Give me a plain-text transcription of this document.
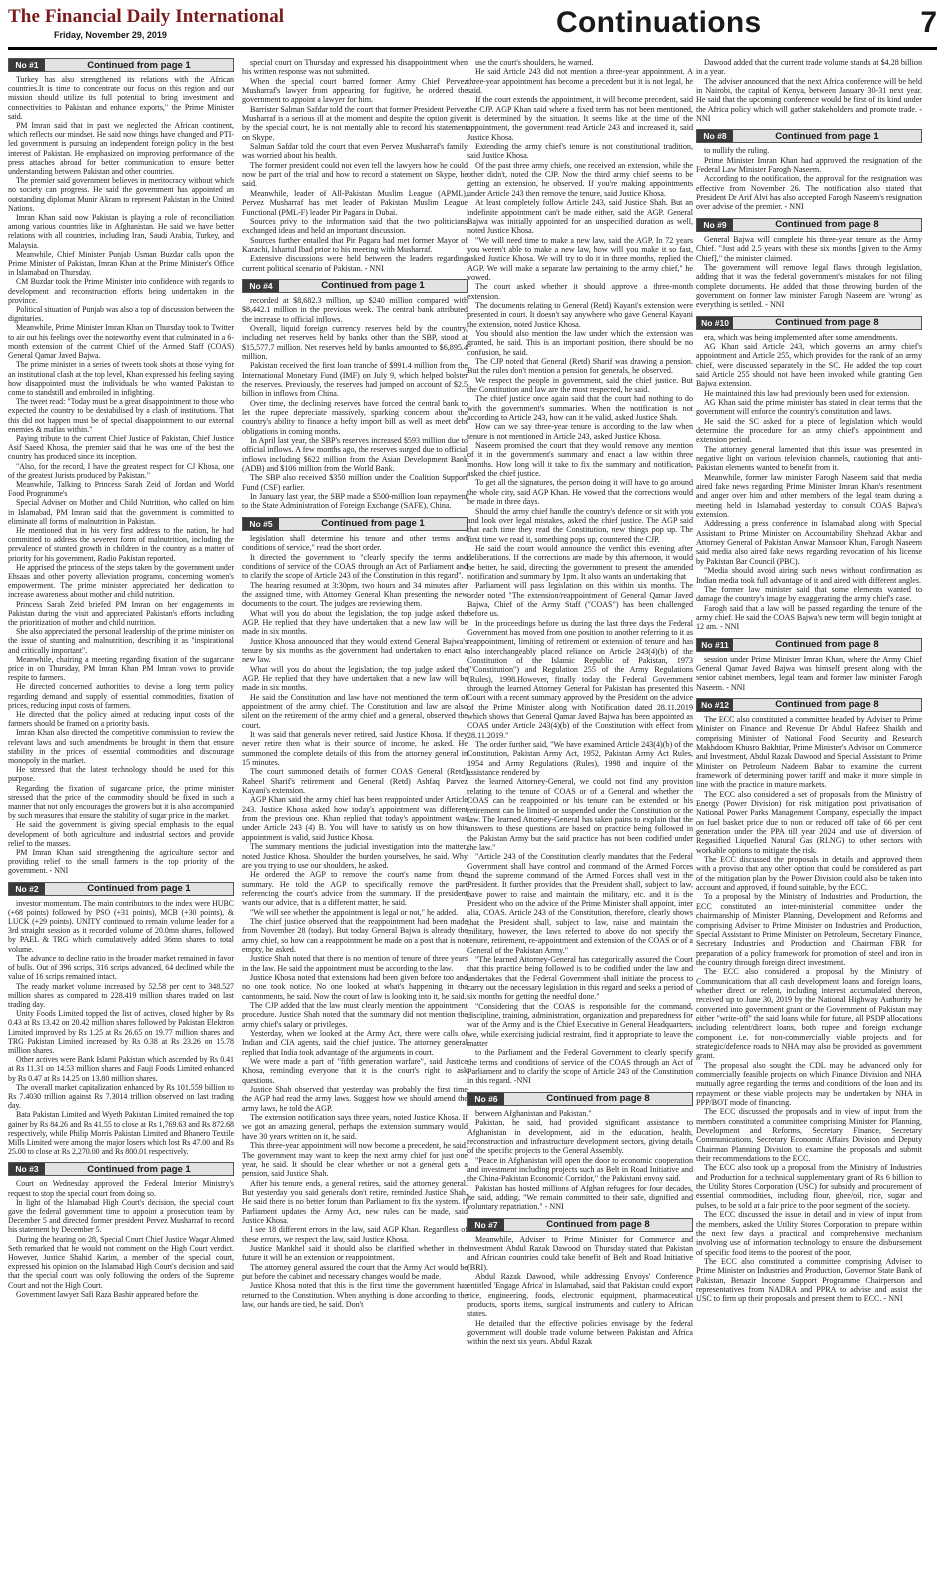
The Financial Daily International
Friday, November 29, 2019	Continuations	7
No #1	Continued from page 1

Turkey has also strengthened its relations with the African countries.It is time to concentrate our focus on this region and our mission should utilize its full potential to bring investment and connectivities to Pakistan and enhance exports," the Prime Minister said.

PM Imran said that in past we neglected the African continent, which reflects our mindset. He said now things have changed and PTI-led government is pursuing an independent foreign policy in the best interest of Pakistan. He emphasized on improving performance of the press attaches abroad for better communication to ensure better understanding between Pakistan and other countries.

The premier said government believes in meritocracy without which no society can progress. He said the government has appointed an outstanding diplomat Munir Akram to represent Pakistan in the United Nations.

Imran Khan said now Pakistan is playing a role of reconciliation among various countries like in Afghanistan. He said we have better relations with all countries, including Iran, Saudi Arabia, Turkey, and Malaysia.

Meanwhile, Chief Minister Punjab Usman Buzdar calls upon the Prime Minister of Pakistan, Imran Khan at the Prime Minister's Office in Islamabad on Thursday.

CM Buzdar took the Prime Minister into confidence with regards to development and reconstruction efforts being undertaken in the province.

Political situation of Punjab was also a top of discussion between the dignitaries.

Meanwhile, Prime Minister Imran Khan on Thursday took to Twitter to air out his feelings over the noteworthy event that culminated in a 6-month extension of the current Chief of the Armed Staff (COAS) General Qamar Javed Bajwa.

The prime minister in a series of tweets took shots at those vying for an institutional clash at the top level, Khan expressed his feeling saying how disappointed must the individuals be who wanted Pakistan to come to standstill and embroiled in infighting.

The tweet read: "Today must be a great disappointment to those who expected the country to be destabilised by a clash of institutions. That this did not happen must be of special disappointment to our external enemies & mafias within."

Paying tribute to the current Chief Justice of Pakistan, Chief Justice Asif Saeed Khosa, the premier said that he was one of the best the country has produced since its inception.

"Also, for the record, I have the greatest respect for CJ Khosa, one of the greatest Jurists produced by Pakistan."

Meanwhile, Talking to Princess Sarah Zeid of Jordan and World Food Programme's

Special Adviser on Mother and Child Nutrition, who called on him in Islamabad, PM Imran said that the government is committed to eliminate all forms of malnutrition in Pakistan.

He mentioned that in his very first address to the nation, he had committed to address the severest form of malnutrition, including the prevalence of stunted growth in children in the country as a matter of priority for his government, Radio Pakistan reported.

He apprised the princess of the steps taken by the government under Ehsaas and other poverty alleviation programs, concerning women's empowerment. The prime minister appreciated her dedication to increase awareness about mother and child nutrition.

Princess Sarah Zeid briefed PM Imran on her engagements in Pakistan during the visit and appreciated Pakistan's efforts including the prioritization of mother and child nutrition.

She also appreciated the personal leadership of the prime minister on the issue of stunting and malnutrition, describing it as "inspirational and critically important".

Meanwhile, chairing a meeting regarding fixation of the sugarcane price in on Thursday, PM Imran Khan PM Imran vows to provide respite to farmers.

He directed concerned authorities to devise a long term policy regarding demand and supply of essential commodities, fixation of prices, reducing input costs of farmers.

He directed that the policy aimed at reducing input costs of the farmers should be framed on a priority basis.

Imran Khan also directed the competitive commission to review the relevant laws and such amendments be brought in them that ensure stability in the prices of essential commodities and discourage monopoly in the market.

He stressed that the latest technology should be used for this purpose.

Regarding the fixation of sugarcane price, the prime minister stressed that the price of the commodity should be fixed in such a manner that not only encourages the growers but it is also accompanied by such measures that ensure the stability of sugar price in the market.

He said the government is giving special emphasis to the equal development of both agriculture and industrial sectors and provide relief to the masses.

PM Imran Khan said strengthening the agriculture sector and providing relief to the small farmers is the top priority of the government. - NNI

No #2	Continued from page 1

investor momentum. The main contributors to the index were HUBC (+68 points) followed by PSO (+31 points), MCB (+30 points), & LUCK (+29 points). UNITY continued to remain volume leader for a 3rd straight session as it recorded volume of 20.0mn shares, followed by PAEL & TRG which cumulatively added 36mn shares to total volume.

The advance to decline ratio in the broader market remained in favor of bulls. Out of 396 scrips, 316 scrips advanced, 64 declined while the value of 16 scrips remained intact.

The ready market volume increased by 52.58 per cent to 348.527 million shares as compared to 228.419 million shares traded on last trading day.

Unity Foods Limited topped the list of actives, closed higher by Rs 0.43 at Rs 13.42 on 20.42 million shares followed by Pakistan Elektron Limited improved by Rs 1.25 at Rs 26.65 on 19.77 million shares and TRG Pakistan Limited increased by Rs 0.38 at Rs 23.26 on 15.78 million shares.

Other actives were Bank Islami Pakistan which ascended by Rs 0.41 at Rs 11.31 on 14.53 million shares and Fauji Foods Limited enhanced by Rs 0.47 at Rs 14.25 on 13.80 million shares.

The overall market capitalization enhanced by Rs 101.559 billion to Rs 7.4030 trillion against Rs 7.3014 trillion observed on last trading day.

Bata Pakistan Limited and Wyeth Pakistan Limited remained the top gainer by Rs 84.26 and Rs 41.55 to close at Rs 1,769.63 and Rs 872.68 respectively, while Philip Morris Pakistan Limited and Bhanero Textile Mills Limited were among the major losers which lost Rs 47.00 and Rs 25.00 to close at Rs 2,270.00 and Rs 800.01 respectively.

No #3	Continued from page 1

Court on Wednesday approved the Federal Interior Ministry's request to stop the special court from doing so.

In light of the Islamabad High Court's decision, the special court gave the federal government time to appoint a prosecution team by December 5 and directed former president Pervez Musharraf to record his statement by December 5.

During the hearing on 28, Special Court Chief Justice Waqar Ahmed Seth remarked that he would not comment on the High Court verdict. However, Justice Shahid Karim, a member of the special court, expressed his opinion on the Islamabad High Court's decision and said that the special court was only following the orders of the Supreme Court and not the High Court.

Government lawyer Safi Raza Bashir appeared before the

special court on Thursday and expressed his disappointment when his written response was not submitted.

When the special court barred former Army Chief Pervez Musharraf's lawyer from appearing for fugitive, he ordered the government to appoint a lawyer for him.

Barrister Salman Safdar told the court that former President Pervez Musharraf is a serious ill at the moment and despite the option given by the special court, he is not mentally able to record his statement on Skype.

Salman Safdar told the court that even Pervez Musharraf's family was worried about his health.

The former president could not even tell the lawyers how he could now be part of the trial and how to record a statement on Skype, he said.

Meanwhile, leader of All-Pakistan Muslim League (APML), Pervez Musharraf has met leader of Pakistan Muslim League Functional (PML-F) leader Pir Pagara in Dubai.

Sources privy to the information said that the two politicians exchanged ideas and held an important discussion.

Sources further entailed that Pir Pagara had met former Mayor of Karachi, Ishartul Ibad prior to his meeting with Musharraf.

Extensive discussions were held between the leaders regarding current political scenario of Pakistan. - NNI

No #4	Continued from page 1

recorded at $8,682.3 million, up $240 million compared with $8,442.1 million in the previous week. The central bank attributed the increase to official inflows.

Overall, liquid foreign currency reserves held by the country, including net reserves held by banks other than the SBP, stood at $15,577.7 million. Net reserves held by banks amounted to $6,895.4 million.

Pakistan received the first loan tranche of $991.4 million from the International Monetary Fund (IMF) on July 9, which helped bolster the reserves. Previously, the reserves had jumped on account of $2.5 billion in inflows from China.

Over time, the declining reserves have forced the central bank to let the rupee depreciate massively, sparking concern about the country's ability to finance a hefty import bill as well as meet debt obligations in coming months.

In April last year, the SBP's reserves increased $593 million due to official inflows. A few months ago, the reserves surged due to official inflows including $622 million from the Asian Development Bank (ADB) and $106 million from the World Bank.

The SBP also received $350 million under the Coalition Support Fund (CSF) earlier.

In January last year, the SBP made a $500-million loan repayment to the State Administration of Foreign Exchange (SAFE), China.

No #5	Continued from page 1

legislation shall determine his tenure and other terms and conditions of service," read the short order.

It directed the government to "clearly specify the terms and conditions of service of the COAS through an Act of Parliament and to clarify the scope of Article 243 of the Constitution in this regard".

The hearing resumed at 3:30pm, two hours and 34 minutes after the assigned time, with Attorney General Khan presenting the new documents to the court. The judges are reviewing them.

What will you do about the legislation, the top judge asked the AGP. He replied that they have undertaken that a new law will be made in six months.

Justice Khosa announced that they would extend General Bajwa's tenure by six months as the government had undertaken to enact a new law.

What will you do about the legislation, the top judge asked the AGP. He replied that they have undertaken that a new law will be made in six months.

He said the Constitution and law have not mentioned the term of appointment of the army chief. The Constitution and law are also silent on the retirement of the army chief and a general, observed the court.

It was said that generals never retired, said Justice Khosa. If they never retire then what is their source of income, he asked. He summoned the complete details of this from the attorney general in 15 minutes.

The court summoned details of former COAS General (Retd) Raheel Sharif's retirement and General (Retd) Ashfaq Parvez Kayani's extension.

AGP Khan said the army chief has been reappointed under Article 243. Justice Khosa asked how today's appointment was different from the previous one. Khan replied that today's appointment was under Article 243 (4) B. You will have to satisfy us on how this appointment is valid, said Justice Khosa.

The summary mentions the judicial investigation into the matter, noted Justice Khosa. Shoulder the burden yourselves, he said. Why are you trying to use our shoulders, he asked.

He ordered the AGP to remove the court's name from the summary. He told the AGP to specifically remove the part referencing the court's advice from the summary. If the president wants our advice, that is a different matter, he said.

"We will see whether the appointment is legal or not," he added.

The chief justice observed that the reappointment had been made from November 28 (today). But today General Bajwa is already the army chief, so how can a reappointment be made on a post that is not empty, he asked.

Justice Shah noted that there is no mention of tenure of three years in the law. He said the appointment must be according to the law.

Justice Khosa noted that extensions had been given before too and no one took notice. No one looked at what's happening in the cantonments, he said. Now the court of law is looking into it, he said.

The CJP added that the law must clearly mention the appointment procedure. Justice Shah noted that the summary did not mention the army chief's salary or privileges.

Yesterday, when we looked at the Army Act, there were calls of Indian and CIA agents, said the chief justice. The attorney general replied that India took advantage of the arguments in court.

We were made a part of "fifth generation warfare", said Justice Khosa, reminding everyone that it is the court's right to ask questions.

Justice Shah observed that yesterday was probably the first time the AGP had read the army laws. Suggest how we should amend the army laws, he told the AGP.

The extension notification says three years, noted Justice Khosa. If we got an amazing general, perhaps the extension summary would have 30 years written on it, he said.

This three-year appointment will now become a precedent, he said. The government may want to keep the next army chief for just one year, he said. It should be clear whether or not a general gets a pension, said Justice Shah.

After his tenure ends, a general retires, said the attorney general. But yesterday you said generals don't retire, reminded Justice Shah. He said there is no better forum than Parliament to fix the system. If Parliament updates the Army Act, new rules can be made, said Justice Khosa.

I see 18 different errors in the law, said AGP Khan. Regardless of these errors, we respect the law, said Justice Khosa.

Justice Mankhel said it should also be clarified whether in the future it will be an extension or reappointment.

The attorney general assured the court that the Army Act would be put before the cabinet and necessary changes would be made.

Justice Khosa noted that this is the first time the government has returned to the Constitution. When anything is done according to the law, our hands are tied, he said. Don't

use the court's shoulders, he warned.

He said Article 243 did not mention a three-year appointment. A three-year appointment has become a precedent but it is not legal, he said.

If the court extends the appointment, it will become precedent, said the CJP. AGP Khan said where a fixed term has not been mentioned, it is determined by the situation. It seems like at the time of the appointment, the government read Article 243 and increased it, said Justice Khosa.

Extending the army chief's tenure is not constitutional tradition, said Justice Khosa.

Of the past three army chiefs, one received an extension, while the other didn't, noted the CJP. Now the third army chief seems to be getting an extension, he observed. If you're making appointments under Article 243 then remove the tenure, said Justice Khosa.

At least completely follow Article 243, said Justice Shah. But an indefinite appointment can't be made either, said the AGP. General Bajwa was initially appointed for an unspecified duration as well, noted Justice Khosa.

"We will need time to make a new law, said the AGP. In 72 years you weren't able to make a new law, how will you make it so fast, asked Justice Khosa. We will try to do it in three months, replied the AGP. We will make a separate law pertaining to the army chief," he vowed.

The court asked whether it should approve a three-month extension.

The documents relating to General (Retd) Kayani's extension were presented in court. It doesn't say anywhere who gave General Kayani the extension, noted Justice Khosa.

You should also mention the law under which the extension was granted, he said. This is an important position, there should be no confusion, he said.

The CJP noted that General (Retd) Sharif was drawing a pension. But the rules don't mention a pension for generals, he observed.

We respect the people in government, said the chief justice. But the Constitution and law are the most respected, he said.

The chief justice once again said that the court had nothing to do with the government's summaries. When the notification is not according to Article 243, how can it be valid, asked Justice Shah.

How can we say three-year tenure is according to the law when tenure is not mentioned in Article 243, asked Justice Khosa.

Naseem promised the court that they would remove any mention of it in the government's summary and enact a law within three months. How long will it take to fix the summary and notification, asked the chief justice.

To get all the signatures, the person doing it will have to go around the whole city, said AGP Khan. He vowed that the corrections would be made in three days.

Should the army chief handle the country's defence or sit with you and look over legal mistakes, asked the chief justice. The AGP said that each time they read the Constitution, new things pop up. The first time we read it, something pops up, countered the CJP.

He said the court would announce the verdict this evening after deliberations. If the corrections are made by this afternoon, it would be better, he said, directing the government to present the amended notification and summary by 1pm. It also wants an undertaking that

Parliament will pass legislation on this within six months. The order noted "The extension/reappointment of General Qamar Javed Bajwa, Chief of the Army Staff ("COAS") has been challenged before us.

In the proceedings before us during the last three days the Federal Government has moved from one position to another referring to it as reappointment, limiting of retirement or extension of tenure and has also interchangeably placed reliance on Article 243(4)(b) of the Constitution of the Islamic Republic of Pakistan, 1973 ("Constitution") and Regulation 255 of the Army Regulations (Rules), 1998.However, finally today the Federal Government through the learned Attorney General for Pakistan has presented this Court with a recent summary approved by the President on the advice of the Prime Minister along with Notification dated 28.11.2019 which shows that General Qamar Javed Bajwa has been appointed as COAS under Article 243(4)(b) of the Constitution with effect from 28.11.2019."

The order further said, "We have examined Article 243(4)(b) of the Constitution, Pakistan Army Act, 1952, Pakistan Army Act Rules, 1954 and Army Regulations (Rules), 1998 and inquire of the assistance rendered by

the learned Attorney-General, we could not find any provision relating to the tenure of COAS or of a General and whether the COAS can be reappointed or his tenure can be extended or his retirement can be limited or suspended under the Constitution or the law. The learned Attorney-General has taken pains to explain that the answers to these questions are based on practice being followed in the Pakistan Army but the said practice has not been codified under the law."

"Article 243 of the Constitution clearly mandates that the Federal Government shall have control and command of the Armed Forces and the supreme command of the Armed Forces shall vest in the President. It further provides that the President shall, subject to law, have power to raise and maintain the military, etc. and it is the President who on the advice of the Prime Minister shall appoint, inter alia, COAS. Article 243 of the Constitution, therefore, clearly shows that the President shall, subject to law, raise and maintain the military, however, the laws referred to above do not specify the tenure, retirement, re-appointment and extension of the COAS or of a General of the Pakistan Army."

"The learned Attorney-General has categorically assured the Court that this practice being followed is to be codified under the law and undertakes that the Federal Government shall initiate the process to carry out the necessary legislation in this regard and seeks a period of six months for getting the needful done."

"Considering that the COAS is responsible for the command, discipline, training, administration, organization and preparedness for war of the Army and is the Chief Executive in General Headquarters, we, while exercising judicial restraint, find it appropriate to leave the matter

to the Parliament and the Federal Government to clearly specify the terms and conditions of service of the COAS through an Act of Parliament and to clarify the scope of Article 243 of the Constitution in this regard. -NNI

No #6	Continued from page 8

between Afghanistan and Pakistan."

Pakistan, he said, had provided significant assistance to Afghanistan in development, aid in the education, health, reconstruction and infrastructure development sectors, giving details of the specific projects to the General Assembly.

"Peace in Afghanistan will open the door to economic cooperation and investment including projects such as Belt in Road Initiative and the China-Pakistan Economic Corridor," the Pakistani envoy said.

Pakistan has hosted millions of Afghan refugees for four decades, he said, adding, "We remain committed to their safe, dignified and voluntary repatriation." - NNI

No #7	Continued from page 8

Meanwhile, Adviser to Prime Minister for Commerce and Investment Abdul Razak Dawood on Thursday stated that Pakistan and African countries could take benefit of Belt and Road Initiative (BRI).

Abdul Razak Dawood, while addressing Envoys' Conference entitled 'Engage Africa' in Islamabad, said that Pakistan could export rice, engineering, foods, electronic equipment, pharmaceutical products, sports items, surgical instruments and cutlery to African states.

He detailed that the effective policies envisage by the federal government will double trade volume between Pakistan and Africa within the next six years. Abdul Razak

Dawood added that the current trade volume stands at $4.28 billion in a year.

The adviser announced that the next Africa conference will be held in Nairobi, the capital of Kenya, between January 30-31 next year. He said that the upcoming conference would be first of its kind under the Africa policy which will gather stakeholders and promote trade. -NNI

No #8	Continued from page 1

to nullify the ruling.

Prime Minister Imran Khan had approved the resignation of the Federal Law Minister Farogh Naseem.

According to the notification, the approval for the resignation was effective from November 26. The notification also stated that President Dr Arif Alvi has also accepted Farogh Naseem's resignation over advise of the premier. - NNI

No #9	Continued from page 8

General Bajwa will complete his three-year tenure as the Army Chief. "Just add 2.5 years with these six months [given to the Army Chief]," the minister claimed.

The government will remove legal flaws through legislation, adding that it was the federal government's mistakes for not filing complete documents. He added that those throwing burden of the government on former law minister Farogh Naseem are 'wrong' as everything is settled. - NNI

No #10	Continued from page 8

era, which was being implemented after some amendments.

AG Khan said Article 243, which governs an army chief's appointment and Article 255, which provides for the rank of an army chief, were discussed separately in the SC. He added the top court said Article 255 should not have been invoked while granting Gen Bajwa extension.

He maintained this law had previously been used for extension.

AG Khan said the prime minister has stated in clear terms that the government will enforce the country's constitution and laws.

He said the SC asked for a piece of legislation which would determine the procedure for an army chief's appointment and extension period.

The attorney general lamented that this issue was presented in negative light on various television channels, cautioning that anti-Pakistan elements wanted to benefit from it.

Meanwhile, former law minister Farogh Naseem said that media aired fake news regarding Prime Minister Imran Khan's resentment and anger over him and other members of the legal team during a meeting held in Islamabad yesterday to consult COAS Bajwa's extension.

Addressing a press conference in Islamabad along with Special Assistant to Prime Minister on Accountability Shehzad Akbar and Attorney General of Pakistan Anwar Mansoor Khan, Farogh Naseem said media also aired fake news regarding revocation of his license by Pakistan Bar Council (PBC).

"Media should avoid airing such news without confirmation as Indian media took full advantage of it and aired with different angles.

The former law minister said that some elements wanted to damage the country's image by exaggerating the army chief's case.

Farogh said that a law will be passed regarding the tenure of the army chief. He said the COAS Bajwa's new term will begin tonight at 12 am. - NNI

No #11	Continued from page 8

session under Prime Minister Imran Khan, where the Army Chief General Qamar Javed Bajwa was himself present along with the senior cabinet members, legal team and former law minister Farogh Naseem. - NNI

No #12	Continued from page 8

The ECC also constituted a committee headed by Adviser to Prime Minister on Finance and Revenue Dr Abdul Hafeez Shaikh and comprising Minister of National Food Security and Research Makhdoom Khusro Bakhtiar, Prime Minister's Advisor on Commerce and Investment, Abdul Razak Dawood and Special Assistant to Prime Minister on Petroleum Nadeem Babar to examine the current framework of determining power tariff and make it more simple in line with the practice in mature markets.

The ECC also considered a set of proposals from the Ministry of Energy (Power Division) for risk mitigation post privatisation of National Power Parks Management Company, especially the impact on fuel basket price due to non or reduced off take of 66 per cent generation under the PPA till year 2024 and use of diversion of Regasified Liquefied Natural Gas (RLNG) to other sectors with workable options to mitigate the risk.

The ECC discussed the proposals in details and approved them with a proviso that any other option that could be considered as part of the mitigation plan by the Power Division could also be taken into account and approved, if found suitable, by the ECC.

To a proposal by the Ministry of Industries and Production, the ECC constituted an inter-ministerial committee under the chairmanship of Minister Planning, Development and Reforms and comprising Adviser to Prime Minister on Industries and Production, Special Assistant to Prime Minister on Petroleum, Secretary Finance, Secretary Industries and Production and Chairman FBR for preparation of a policy framework for promotion of steel and iron in the country through foreign direct investment.

The ECC also considered a proposal by the Ministry of Communications that all cash development loans and foreign loans, whether direct or relent, including interest accumulated thereon, received up to June 30, 2019 by the National Highway Authority be converted into government grant or the Government of Pakistan may either "write-off" the said loans while for future, all PSDP allocations including relent/direct loans, both rupee and foreign exchange component i.e. for non-commercially viable projects and for strategic/defence roads to NHA may also be provided as government grant.

The proposal also sought the CDL may be advanced only for commercially feasible projects on which Finance Division and NHA mutually agree regarding the terms and conditions of the loan and its repayment or these viable projects may be undertaken by NHA in PPP/BOT mode of financing.

The ECC discussed the proposals and in view of input from the members constituted a committee comprising Minister for Planning, Development and Reforms, Secretary Finance, Secretary Communications, Secretary Economic Affairs Division and Deputy Chairman Planning Division to examine the proposals and submit their recommendations to the ECC.

The ECC also took up a proposal from the Ministry of Industries and Production for a technical supplementary grant of Rs 6 billion to the Utility Stores Corporation (USC) for subsidy and procurement of essential commodities, including flour, ghee/oil, rice, sugar and pulses, to be sold at a fair price to the poor segment of the society.

The ECC discussed the issue in detail and in view of input from the members, asked the Utility Stores Corporation to prepare within the next few days a practical and comprehensive mechanism involving use of information technology to ensure the disbursement of specific food items to the poorest of the poor.

The ECC also constituted a committee comprising Adviser to Prime Minister on Industries and Production, Governor State Bank of Pakistan, Benazir Income Support Programme Chairperson and representatives from NADRA and PPRA to advise and assist the USC to firm up their proposals and present them to ECC. - NNI
